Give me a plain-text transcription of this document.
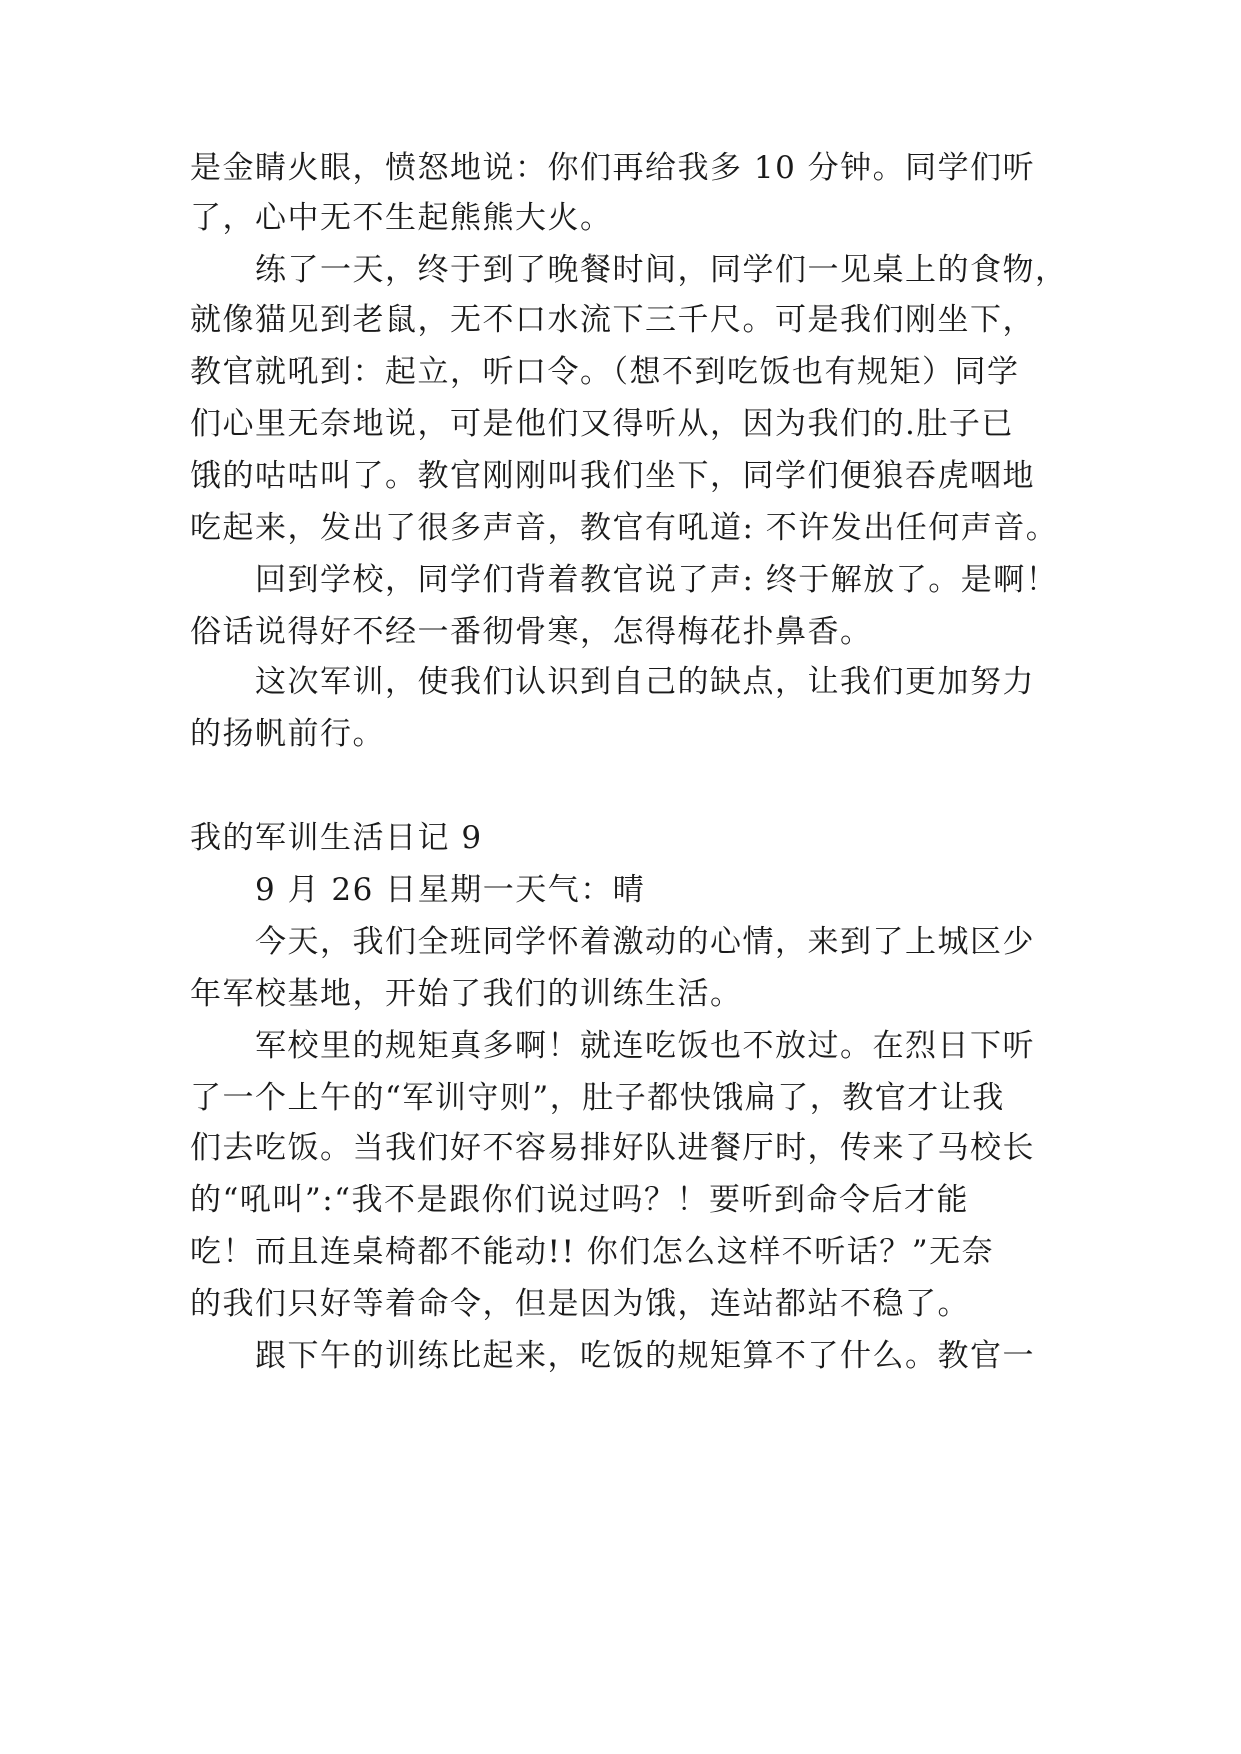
是金睛火眼，愤怒地说：你们再给我多 10 分钟。同学们听
了，心中无不生起熊熊大火。
练了一天，终于到了晚餐时间，同学们一见桌上的食物，
就像猫见到老鼠，无不口水流下三千尺。可是我们刚坐下，
教官就吼到：起立，听口令。（想不到吃饭也有规矩）同学
们心里无奈地说，可是他们又得听从，因为我们的.肚子已
饿的咕咕叫了。教官刚刚叫我们坐下，同学们便狼吞虎咽地
吃起来，发出了很多声音，教官有吼道: 不许发出任何声音。
回到学校，同学们背着教官说了声: 终于解放了。是啊！
俗话说得好不经一番彻骨寒，怎得梅花扑鼻香。
这次军训，使我们认识到自己的缺点，让我们更加努力
的扬帆前行。
我的军训生活日记 9
9 月 26 日星期一天气：晴
今天，我们全班同学怀着激动的心情，来到了上城区少
年军校基地，开始了我们的训练生活。
军校里的规矩真多啊！就连吃饭也不放过。在烈日下听
了一个上午的“军训守则”，肚子都快饿扁了，教官才让我
们去吃饭。当我们好不容易排好队进餐厅时，传来了马校长
的“吼叫”:“我不是跟你们说过吗？！要听到命令后才能
吃！而且连桌椅都不能动!! 你们怎么这样不听话？”无奈
的我们只好等着命令，但是因为饿，连站都站不稳了。
跟下午的训练比起来，吃饭的规矩算不了什么。教官一
